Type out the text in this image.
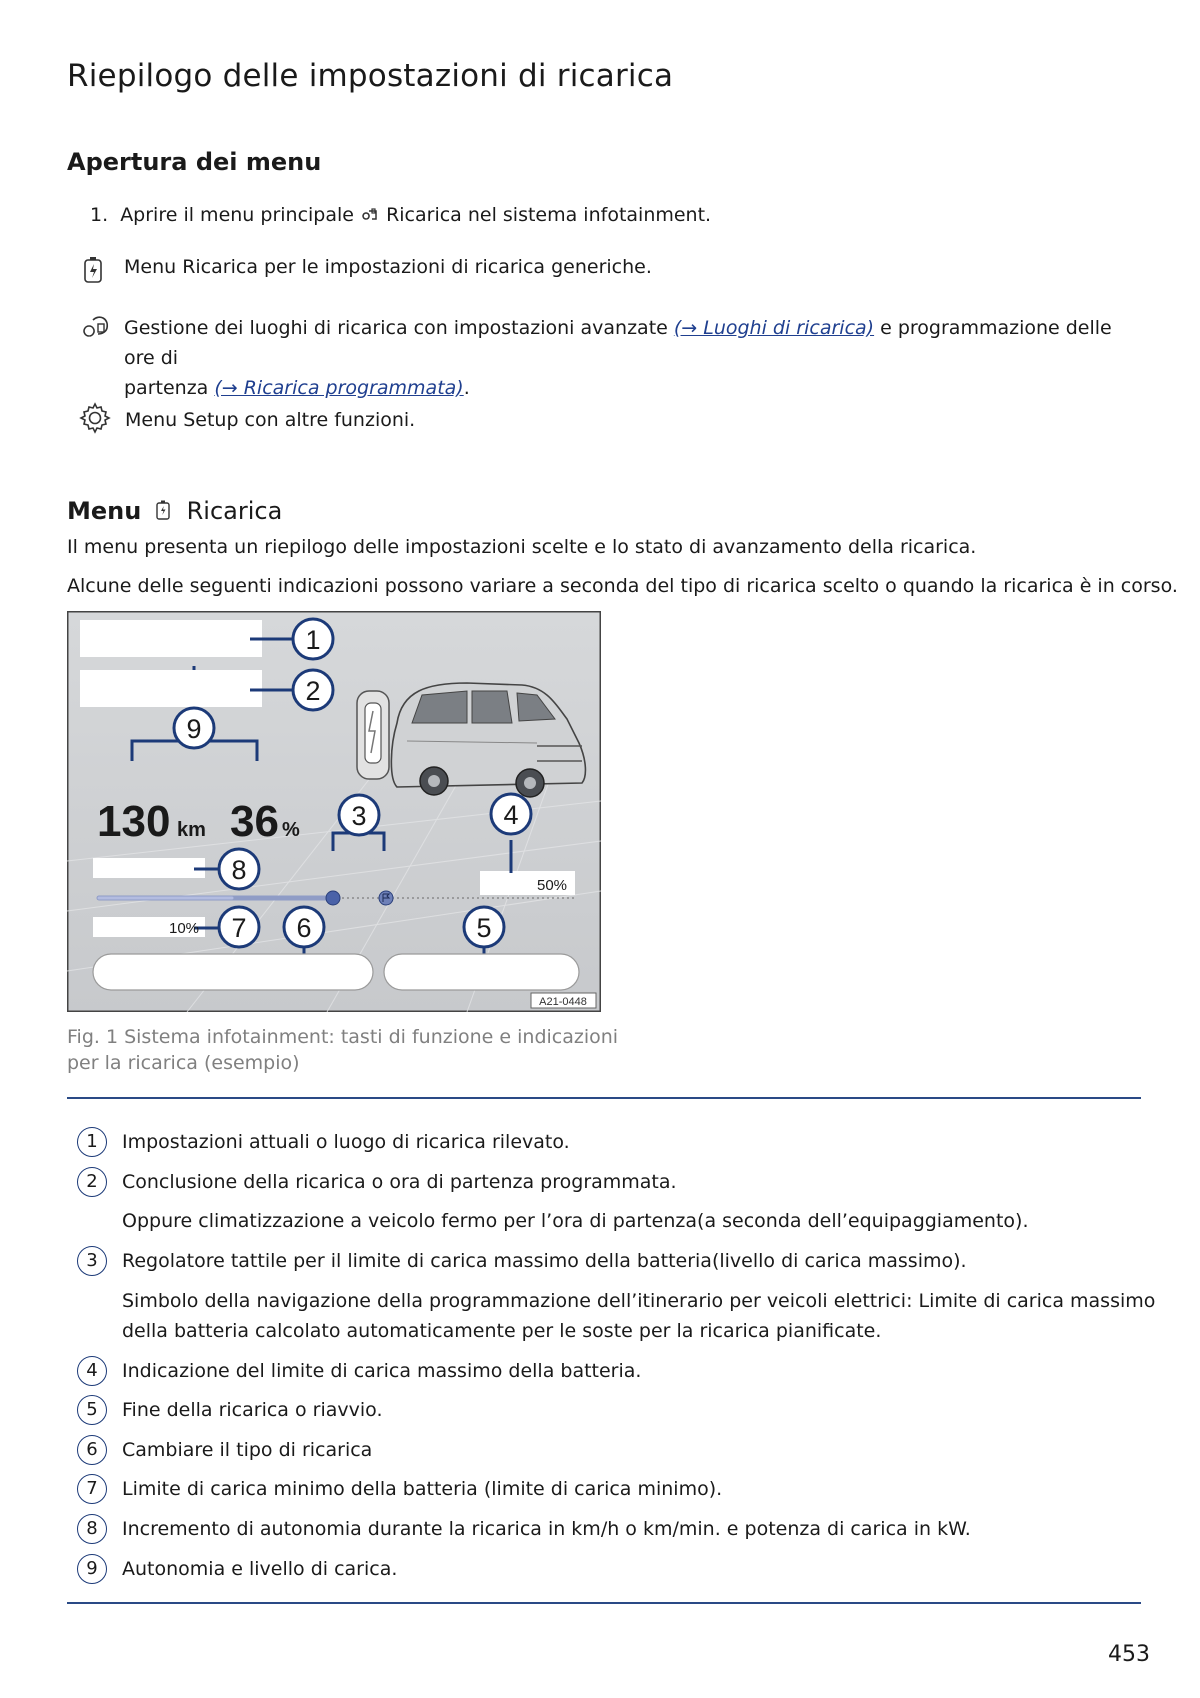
Riepilogo delle impostazioni di ricarica
Apertura dei menu
1. Aprire il menu principale Ricarica nel sistema infotainment.
Menu Ricarica per le impostazioni di ricarica generiche.
Gestione dei luoghi di ricarica con impostazioni avanzate (→ Luoghi di ricarica) e programmazione delle ore di
partenza (→ Ricarica programmata).
Menu Setup con altre funzioni.
Menu Ricarica
Il menu presenta un riepilogo delle impostazioni scelte e lo stato di avanzamento della ricarica.
Alcune delle seguenti indicazioni possono variare a seconda del tipo di ricarica scelto o quando la ricarica è in corso.
1
2
9
3	4
5
6
7
8
130 km 36 %
50%
10%
A21-0448
Fig. 1 Sistema infotainment: tasti di funzione e indicazioni
per la ricarica (esempio)
1	Impostazioni attuali o luogo di ricarica rilevato.
2	Conclusione della ricarica o ora di partenza programmata.
Oppure climatizzazione a veicolo fermo per l’ora di partenza(a seconda dell’equipaggiamento).
3	Regolatore tattile per il limite di carica massimo della batteria(livello di carica massimo).
Simbolo della navigazione della programmazione dell’itinerario per veicoli elettrici: Limite di carica massimo
della batteria calcolato automaticamente per le soste per la ricarica pianificate.
4	Indicazione del limite di carica massimo della batteria.
5	Fine della ricarica o riavvio.
6	Cambiare il tipo di ricarica
7	Limite di carica minimo della batteria (limite di carica minimo).
8	Incremento di autonomia durante la ricarica in km/h o km/min. e potenza di carica in kW.
9	Autonomia e livello di carica.
453
